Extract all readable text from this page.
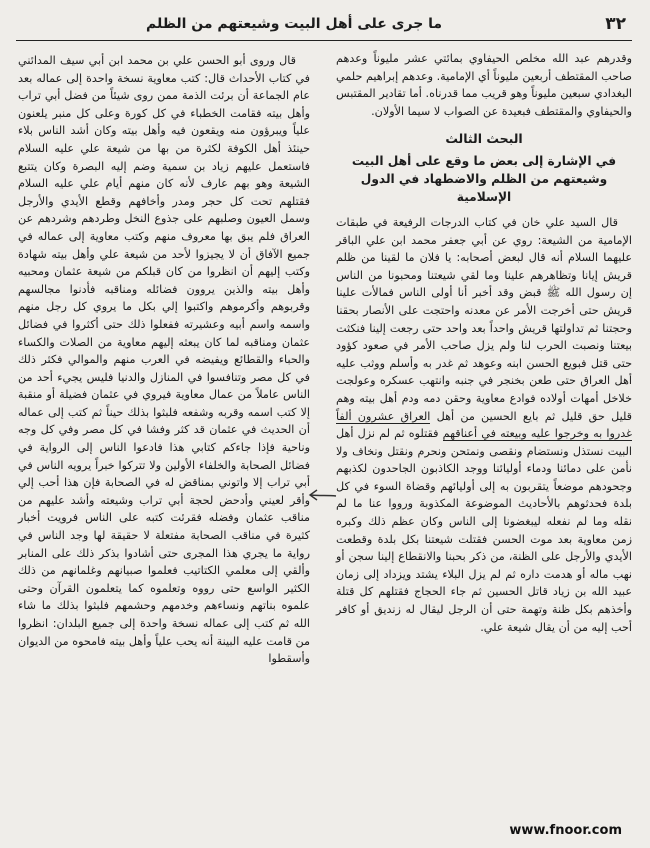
٣٢
ما جرى على أهل البيت وشيعتهم من الظلم

وقدرهم عبد الله مخلص الحيفاوي بمائتي عشر مليوناً وعدهم صاحب المقتطف أربعين مليوناً أي الإمامية. وعدهم إبراهيم حلمي البغدادي سبعين مليوناً وهو قريب مما قدرناه. أما تقادير المقتبس والحيفاوي والمقتطف فبعيدة عن الصواب لا سيما الأولان.

البحث الثالث
في الإشارة إلى بعض ما وقع على أهل البيت وشيعتهم من الظلم والاضطهاد في الدول الإسلامية

قال السيد علي خان في كتاب الدرجات الرفيعة في طبقات الإمامية من الشيعة: روي عن أبي جعفر محمد ابن علي الباقر عليهما السلام أنه قال لبعض أصحابه: يا فلان ما لقينا من ظلم قريش إيانا وتظاهرهم علينا وما لقي شيعتنا ومحبونا من الناس إن رسول الله ﷺ قبض وقد أخبر أنا أولى الناس فمالأت علينا قريش حتى أخرجت الأمر عن معدنه واحتجت على الأنصار بحقنا وحجتنا ثم تداولتها قريش واحداً بعد واحد حتى رجعت إلينا فنكثت بيعتنا ونصبت الحرب لنا ولم يزل صاحب الأمر في صعود كؤود حتى قتل فبويع الحسن ابنه وعوهد ثم غدر به وأسلم ووثب عليه أهل العراق حتى طعن بخنجر في جنبه وانتهب عسكره وعولجت خلاخل أمهات أولاده فوادع معاوية وحقن دمه ودم أهل بيته وهم قليل حق قليل ثم بايع الحسين من أهل العراق عشرون ألفاً غدروا به وخرجوا عليه وبيعته في أعناقهم فقتلوه ثم لم نزل أهل البيت نستذل ونستضام ونقصى ونمتحن ونحرم ونقتل ونخاف ولا نأمن على دمائنا ودماء أوليائنا ووجد الكاذبون الجاحدون لكذبهم وجحودهم موضعاً يتقربون به إلى أوليائهم وقضاة السوء في كل بلدة فحدثوهم بالأحاديث الموضوعة المكذوبة ورووا عنا ما لم نقله وما لم نفعله ليبغضونا إلى الناس وكان عظم ذلك وكبره زمن معاوية بعد موت الحسن فقتلت شيعتنا بكل بلدة وقطعت الأيدي والأرجل على الظنة، من ذكر بحبنا والانقطاع إلينا سجن أو نهب ماله أو هدمت داره ثم لم يزل البلاء يشتد ويزداد إلى زمان عبيد الله بن زياد قاتل الحسين ثم جاء الحجاج فقتلهم كل قتلة وأخذهم بكل ظنة وتهمة حتى أن الرجل ليقال له زنديق أو كافر أحب إليه من أن يقال شيعة علي.

قال وروى أبو الحسن علي بن محمد ابن أبي سيف المدائني في كتاب الأحداث قال: كتب معاوية نسخة واحدة إلى عماله بعد عام الجماعة أن برئت الذمة ممن روى شيئاً من فضل أبي تراب وأهل بيته فقامت الخطباء في كل كورة وعلى كل منبر يلعنون علياً ويبرؤون منه ويقعون فيه وأهل بيته وكان أشد الناس بلاء حينئذ أهل الكوفة لكثرة من بها من شيعة علي عليه السلام فاستعمل عليهم زياد بن سمية وضم إليه البصرة وكان يتتبع الشيعة وهو بهم عارف لأنه كان منهم أيام علي عليه السلام فقتلهم تحت كل حجر ومدر وأخافهم وقطع الأيدي والأرجل وسمل العيون وصلبهم على جذوع النخل وطردهم وشردهم عن العراق فلم يبق بها معروف منهم وكتب معاوية إلى عماله في جميع الآفاق أن لا يجيزوا لأحد من شيعة علي وأهل بيته شهادة وكتب إليهم أن انظروا من كان قبلكم من شيعة عثمان ومحبيه وأهل بيته والذين يروون فضائله ومناقبه فأدنوا مجالسهم وقربوهم وأكرموهم واكتبوا إلي بكل ما يروي كل رجل منهم واسمه واسم أبيه وعشيرته ففعلوا ذلك حتى أكثروا في فضائل عثمان ومناقبه لما كان يبعثه إليهم معاوية من الصلات والكساء والحباء والقطائع ويفيضه في العرب منهم والموالي فكثر ذلك في كل مصر وتنافسوا في المنازل والدنيا فليس يجيء أحد من الناس عاملاً من عمال معاوية فيروي في عثمان فضيلة أو منقبة إلا كتب اسمه وقربه وشفعه فلبثوا بذلك حيناً ثم كتب إلى عماله أن الحديث في عثمان قد كثر وفشا في كل مصر وفي كل وجه وناحية فإذا جاءكم كتابي هذا فادعوا الناس إلى الرواية في فضائل الصحابة والخلفاء الأولين ولا تتركوا خبراً يرويه الناس في أبي تراب إلا واتوني بمناقض له في الصحابة فإن هذا أحب إلي وأقر لعيني وأدحض لحجة أبي تراب وشيعته وأشد عليهم من مناقب عثمان وفضله فقرئت كتبه على الناس فرويت أخبار كثيرة في مناقب الصحابة مفتعلة لا حقيقة لها وجد الناس في رواية ما يجري هذا المجرى حتى أشادوا بذكر ذلك على المنابر وألقي إلى معلمي الكتاتيب فعلموا صبيانهم وغلمانهم من ذلك الكثير الواسع حتى رووه وتعلموه كما يتعلمون القرآن وحتى علموه بناتهم ونساءهم وخدمهم وحشمهم فلبثوا بذلك ما شاء الله ثم كتب إلى عماله نسخة واحدة إلى جميع البلدان: انظروا من قامت عليه البينة أنه يحب علياً وأهل بيته فامحوه من الديوان وأسقطوا

www.fnoor.com
